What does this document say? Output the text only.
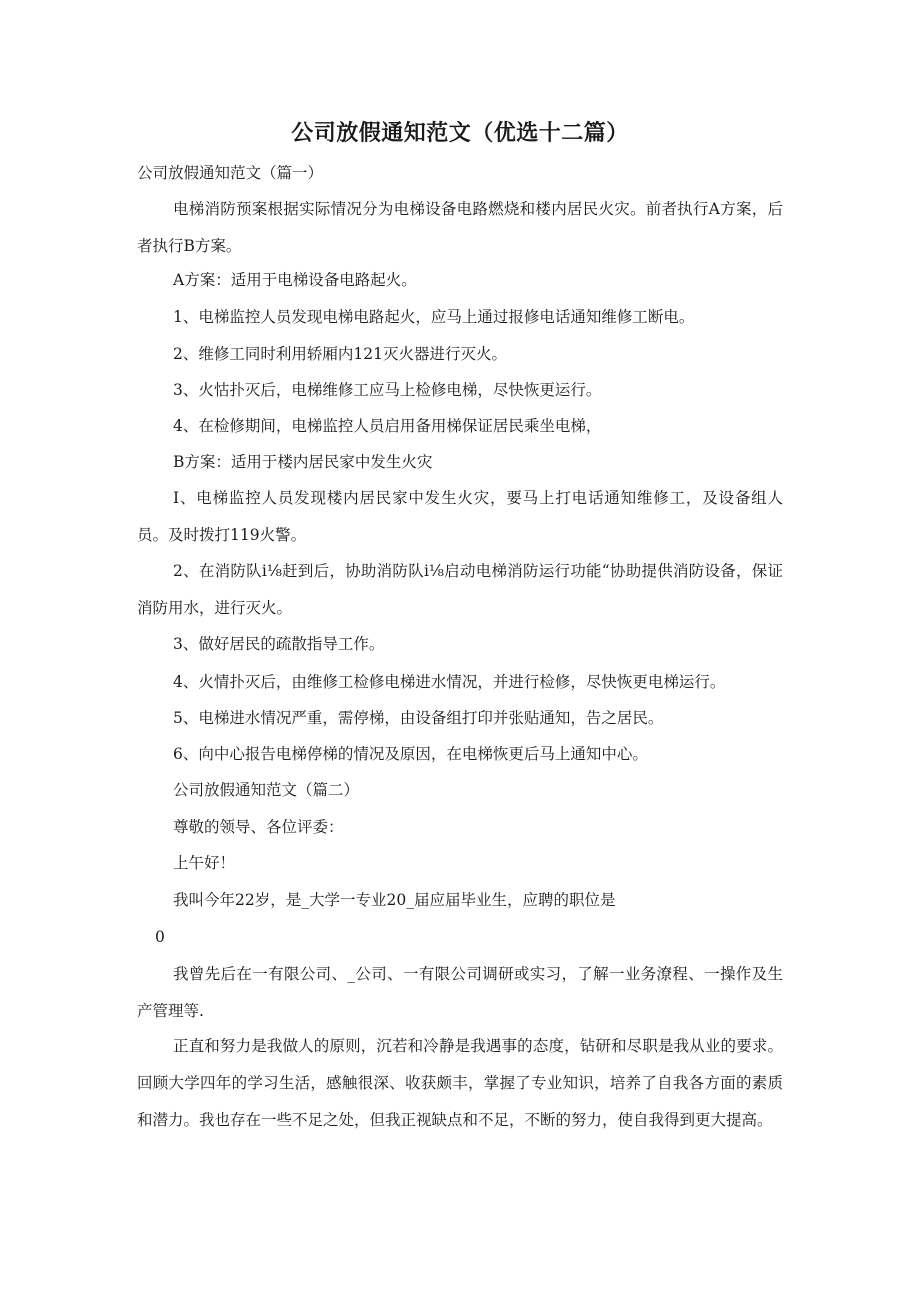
公司放假通知范文（优选十二篇）
公司放假通知范文（篇一）
电梯消防预案根据实际情况分为电梯设备电路燃烧和楼内居民火灾。前者执行A方案，后者执行B方案。
A方案：适用于电梯设备电路起火。
1、电梯监控人员发现电梯电路起火，应马上通过报修电话通知维修工断电。
2、维修工同时利用轿厢内121灭火器进行灭火。
3、火怙扑灭后，电梯维修工应马上检修电梯，尽快恢更运行。
4、在检修期间，电梯监控人员启用备用梯保证居民乘坐电梯，
B方案：适用于楼内居民家中发生火灾
I、电梯监控人员发现楼内居民家中发生火灾，要马上打电话通知维修工，及设备组人员。及时拨打119火警。
2、在消防队i⅛赶到后，协助消防队i⅛启动电梯消防运行功能“协助提供消防设备，保证消防用水，进行灭火。
3、做好居民的疏散指导工作。
4、火情扑灭后，由维修工检修电梯进水情况，并进行检修，尽快恢更电梯运行。
5、电梯进水情况严重，需停梯，由设备组打印并张贴通知，告之居民。
6、向中心报告电梯停梯的情况及原因，在电梯恢更后马上通知中心。
公司放假通知范文（篇二）
尊敬的领导、各位评委：
上午好！
我叫今年22岁，是_大学一专业20_届应届毕业生，应聘的职位是
0
我曾先后在一有限公司、_公司、一有限公司调研或实习，了解一业务潦程、一操作及生产管理等.
正直和努力是我做人的原则，沉若和冷静是我遇事的态度，钻研和尽职是我从业的要求。回顾大学四年的学习生活，感触很深、收获颇丰，掌握了专业知识，培养了自我各方面的素质和潜力。我也存在一些不足之处，但我正视缺点和不足，不断的努力，使自我得到更大提高。
